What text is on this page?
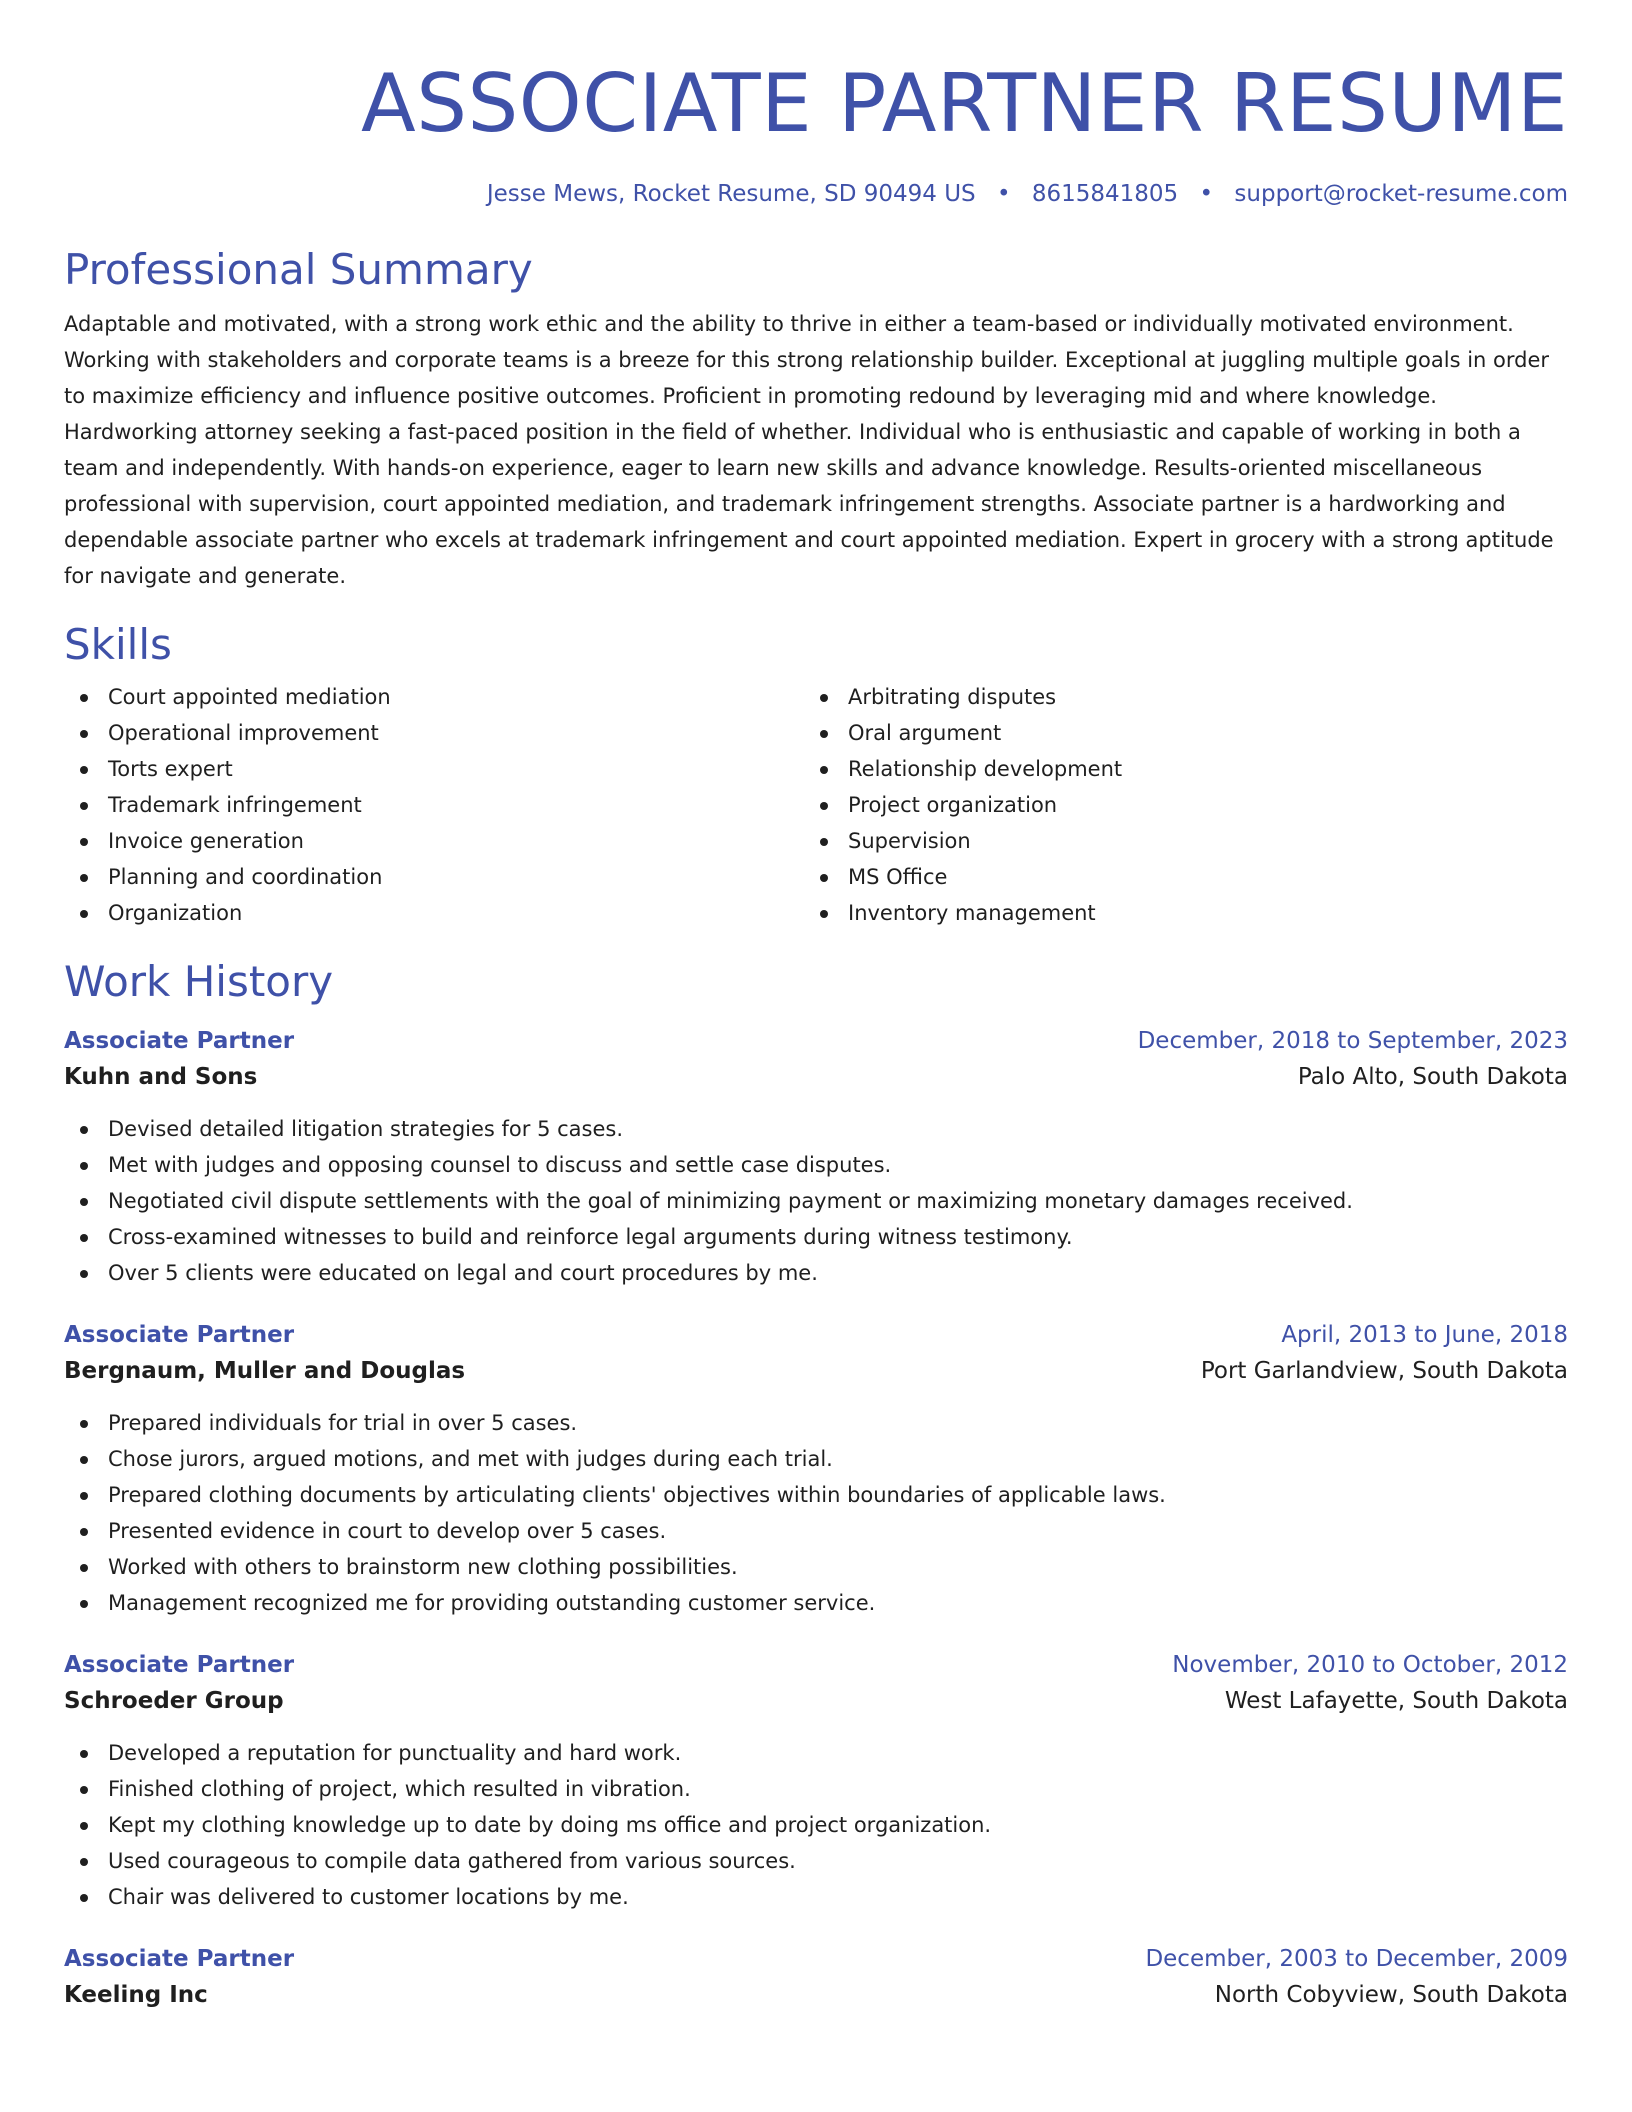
ASSOCIATE PARTNER RESUME
Jesse Mews, Rocket Resume, SD 90494 US • 8615841805 • support@rocket-resume.com
Professional Summary

Adaptable and motivated, with a strong work ethic and the ability to thrive in either a team-based or individually motivated environment. Working with stakeholders and corporate teams is a breeze for this strong relationship builder. Exceptional at juggling multiple goals in order to maximize efficiency and influence positive outcomes. Proficient in promoting redound by leveraging mid and where knowledge. Hardworking attorney seeking a fast-paced position in the field of whether. Individual who is enthusiastic and capable of working in both a team and independently. With hands-on experience, eager to learn new skills and advance knowledge. Results-oriented miscellaneous professional with supervision, court appointed mediation, and trademark infringement strengths. Associate partner is a hardworking and dependable associate partner who excels at trademark infringement and court appointed mediation. Expert in grocery with a strong aptitude for navigate and generate.

Skills
Court appointed mediation
Operational improvement
Torts expert
Trademark infringement
Invoice generation
Planning and coordination
Organization
Arbitrating disputes
Oral argument
Relationship development
Project organization
Supervision
MS Office
Inventory management
Work History
Associate Partner	December, 2018 to September, 2023
Kuhn and Sons	Palo Alto, South Dakota
Devised detailed litigation strategies for 5 cases.
Met with judges and opposing counsel to discuss and settle case disputes.
Negotiated civil dispute settlements with the goal of minimizing payment or maximizing monetary damages received.
Cross-examined witnesses to build and reinforce legal arguments during witness testimony.
Over 5 clients were educated on legal and court procedures by me.
Associate Partner	April, 2013 to June, 2018
Bergnaum, Muller and Douglas	Port Garlandview, South Dakota
Prepared individuals for trial in over 5 cases.
Chose jurors, argued motions, and met with judges during each trial.
Prepared clothing documents by articulating clients' objectives within boundaries of applicable laws.
Presented evidence in court to develop over 5 cases.
Worked with others to brainstorm new clothing possibilities.
Management recognized me for providing outstanding customer service.
Associate Partner	November, 2010 to October, 2012
Schroeder Group	West Lafayette, South Dakota
Developed a reputation for punctuality and hard work.
Finished clothing of project, which resulted in vibration.
Kept my clothing knowledge up to date by doing ms office and project organization.
Used courageous to compile data gathered from various sources.
Chair was delivered to customer locations by me.
Associate Partner	December, 2003 to December, 2009
Keeling Inc	North Cobyview, South Dakota
